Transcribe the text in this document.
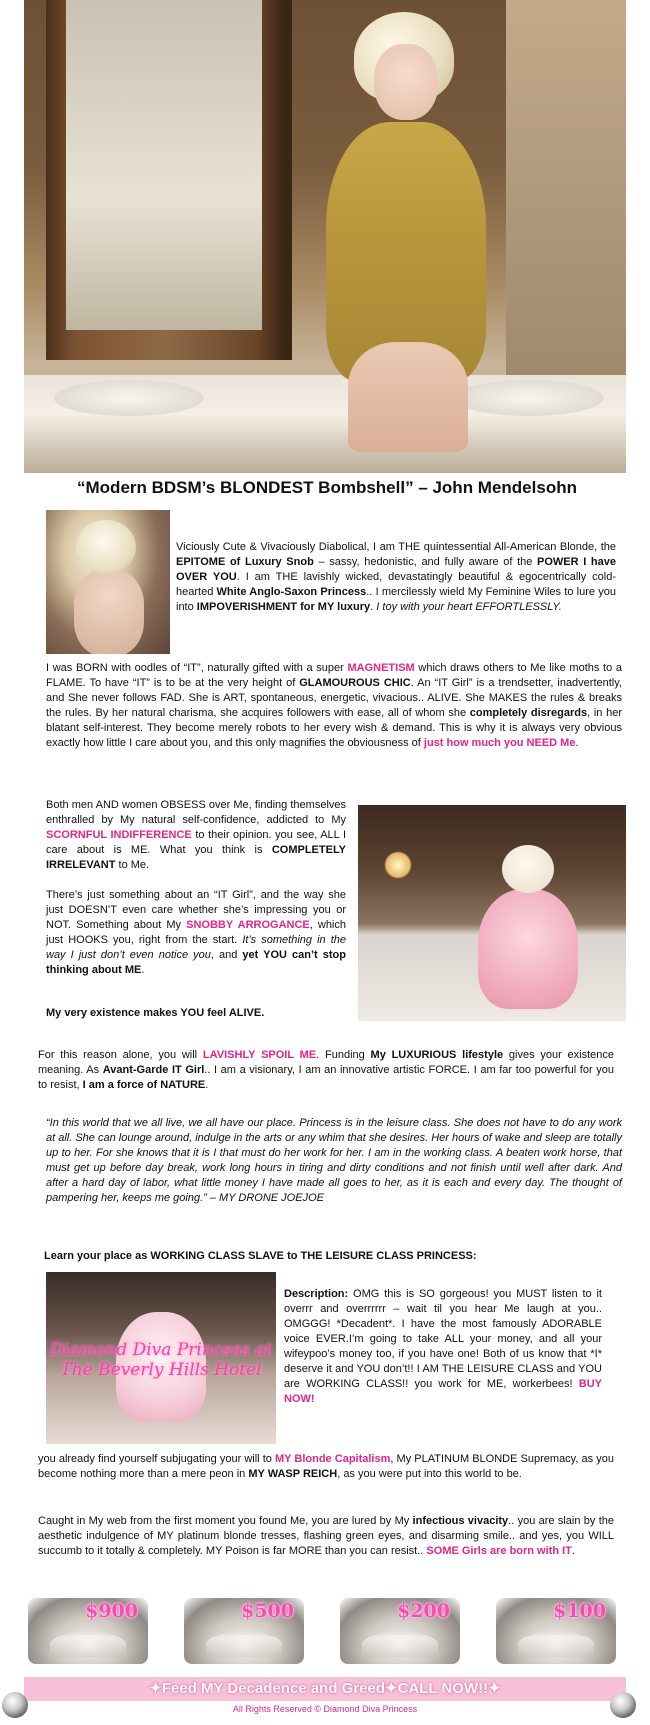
“Modern BDSM’s BLONDEST Bombshell” – John Mendelsohn

Viciously Cute & Vivaciously Diabolical, I am THE quintessential All-American Blonde, the EPITOME of Luxury Snob – sassy, hedonistic, and fully aware of the POWER I have OVER YOU. I am THE lavishly wicked, devastatingly beautiful & egocentrically cold-hearted White Anglo-Saxon Princess.. I mercilessly wield My Feminine Wiles to lure you into IMPOVERISHMENT for MY luxury. I toy with your heart EFFORTLESSLY.

I was BORN with oodles of “IT”, naturally gifted with a super MAGNETISM which draws others to Me like moths to a FLAME. To have “IT” is to be at the very height of GLAMOUROUS CHIC. An “IT Girl” is a trendsetter, inadvertently, and She never follows FAD. She is ART, spontaneous, energetic, vivacious.. ALIVE. She MAKES the rules & breaks the rules. By her natural charisma, she acquires followers with ease, all of whom she completely disregards, in her blatant self-interest. They become merely robots to her every wish & demand. This is why it is always very obvious exactly how little I care about you, and this only magnifies the obviousness of just how much you NEED Me.

Both men AND women OBSESS over Me, finding themselves enthralled by My natural self-confidence, addicted to My SCORNFUL INDIFFERENCE to their opinion. you see, ALL I care about is ME. What you think is COMPLETELY IRRELEVANT to Me.

There’s just something about an “IT Girl”, and the way she just DOESN’T even care whether she’s impressing you or NOT. Something about My SNOBBY ARROGANCE, which just HOOKS you, right from the start. It’s something in the way I just don’t even notice you, and yet YOU can’t stop thinking about ME.

My very existence makes YOU feel ALIVE.

For this reason alone, you will LAVISHLY SPOIL ME. Funding My LUXURIOUS lifestyle gives your existence meaning. As Avant-Garde IT Girl.. I am a visionary, I am an innovative artistic FORCE. I am far too powerful for you to resist, I am a force of NATURE.

“In this world that we all live, we all have our place. Princess is in the leisure class. She does not have to do any work at all. She can lounge around, indulge in the arts or any whim that she desires. Her hours of wake and sleep are totally up to her. For she knows that it is I that must do her work for her. I am in the working class. A beaten work horse, that must get up before day break, work long hours in tiring and dirty conditions and not finish until well after dark. And after a hard day of labor, what little money I have made all goes to her, as it is each and every day. The thought of pampering her, keeps me going.” – MY DRONE JOEJOE

Learn your place as WORKING CLASS SLAVE to THE LEISURE CLASS PRINCESS:

Diamond Diva Princess at The Beverly Hills Hotel

Description: OMG this is SO gorgeous! you MUST listen to it overrr and overrrrrr – wait til you hear Me laugh at you.. OMGGG! *Decadent*. I have the most famously ADORABLE voice EVER.I’m going to take ALL your money, and all your wifeypoo’s money too, if you have one! Both of us know that *I* deserve it and YOU don’t!! I AM THE LEISURE CLASS and YOU are WORKING CLASS!! you work for ME, workerbees! BUY NOW!

you already find yourself subjugating your will to MY Blonde Capitalism, My PLATINUM BLONDE Supremacy, as you become nothing more than a mere peon in MY WASP REICH, as you were put into this world to be.

Caught in My web from the first moment you found Me, you are lured by My infectious vivacity.. you are slain by the aesthetic indulgence of MY platinum blonde tresses, flashing green eyes, and disarming smile.. and yes, you WILL succumb to it totally & completely. MY Poison is far MORE than you can resist.. SOME Girls are born with IT.

$900	$500	$200	$100
✦Feed MY Decadence and Greed✦CALL NOW!!✦
All Rights Reserved © Diamond Diva Princess
